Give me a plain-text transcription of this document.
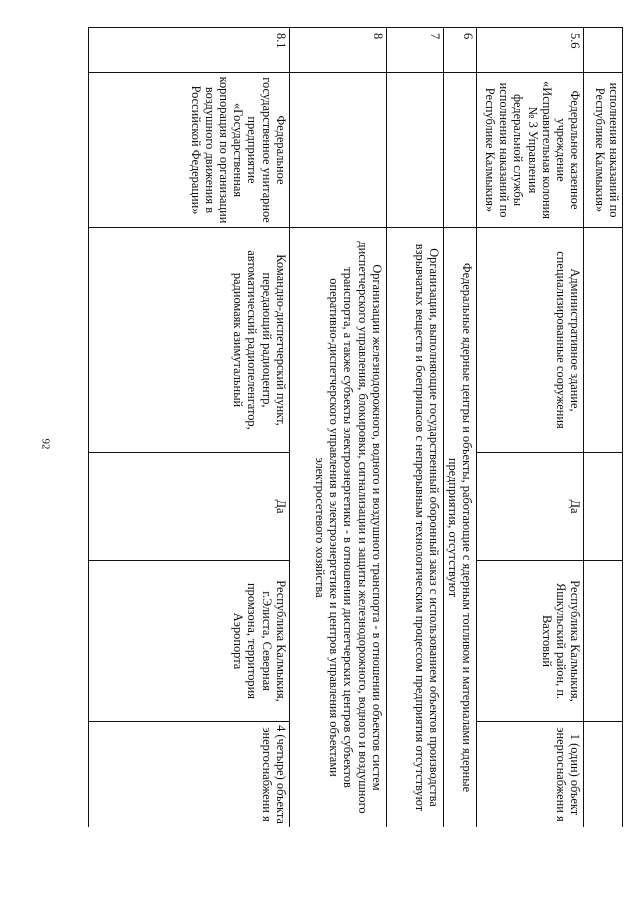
92
	исполнения наказаний по Республике Калмыкия»				
5.6	Федеральное казенное учреждение «Исправительная колония № 3 Управления федеральной службы исполнения наказаний по Республике Калмыкия»	Административное здание, специализированные сооружения	Да	Республика Калмыкия, Яшкульский район, п. Вахтовый	1 (один) объект энергоснабжени я
6		Федеральные ядерные центры и объекты, работающие с ядерным топливом и материалами ядерные предприятия, отсутствуют			
7		Организации, выполняющие государственный оборонный заказ с использованием объектов производства взрывчатых веществ и боеприпасов с непрерывным технологическим процессом предприятия отсутствуют			
8		Организации железнодорожного, водного и воздушного транспорта - в отношении объектов систем диспетчерского управления, блокировки, сигнализации и защиты железнодорожного, водного и воздушного транспорта, а также субъекты электроэнергетики - в отношении диспетчерских центров субъектов оперативно-диспетчерского управления в электроэнергетике и центров управления объектами электросетевого хозяйства			
8.1	Федеральное государственное унитарное предприятие «Государственная корпорация по организации воздушного движения в Российской Федерации»	Командно-диспетчерский пункт, передающий радиоцентр, автоматический радиопеленгатор, радиомаяк азимутальный	Да	Республика Калмыкия, г.Элиста, Северная промзона, территория Аэропорта	4 (четыре) объекта энергоснабжени я
